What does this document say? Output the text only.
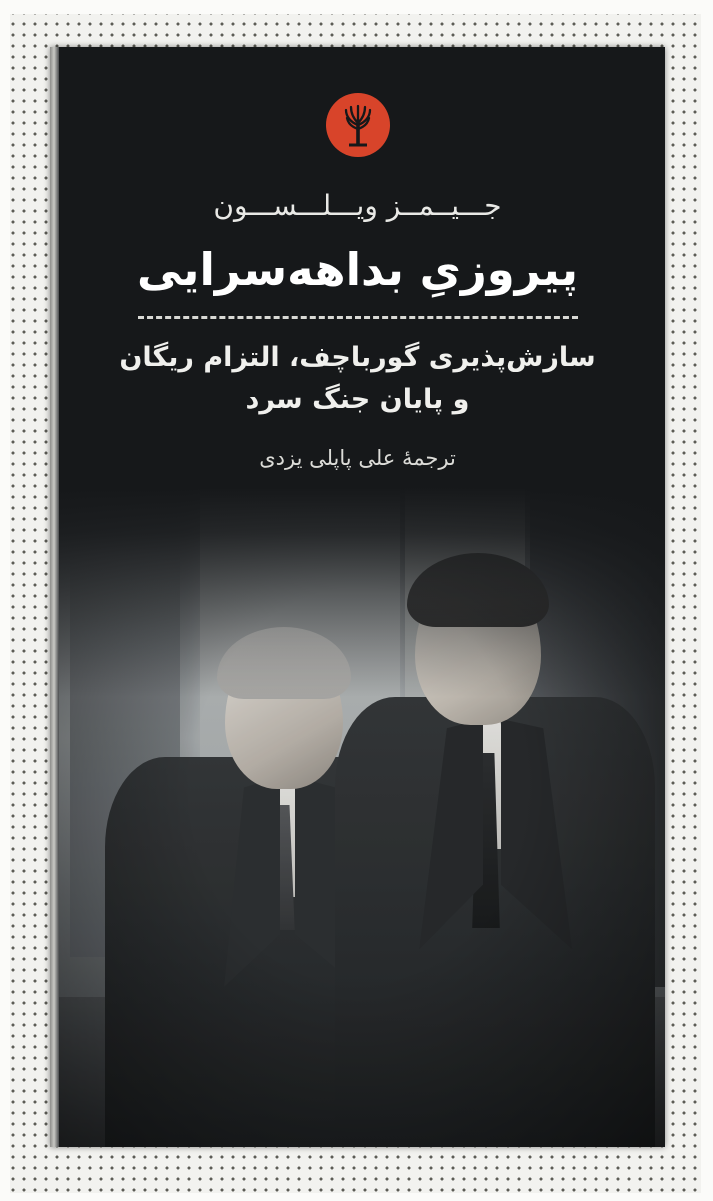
جـــیــمــز ویـــلـــســـون

پیروزیِ بداهه‌سرایی

سازش‌پذیری گورباچف، التزام ریگان

و پایان جنگ سرد

ترجمهٔ علی پاپلی یزدی
